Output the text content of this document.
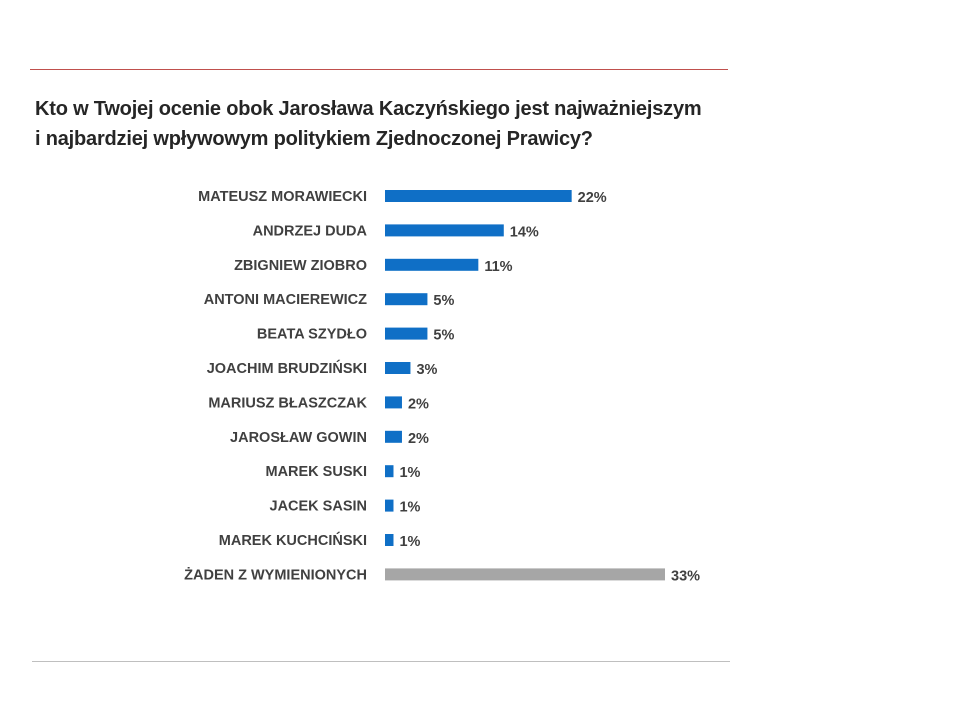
Kto w Twojej ocenie obok Jarosława Kaczyńskiego jest najważniejszym
i najbardziej wpływowym politykiem Zjednoczonej Prawicy?
MATEUSZ MORAWIECKI	22%
ANDRZEJ DUDA	14%
ZBIGNIEW ZIOBRO	11%
ANTONI MACIEREWICZ	5%
BEATA SZYDŁO	5%
JOACHIM BRUDZIŃSKI	3%
MARIUSZ BŁASZCZAK	2%
JAROSŁAW GOWIN	2%
MAREK SUSKI 1%
JACEK SASIN 1%
MAREK KUCHCIŃSKI 1%
ŻADEN Z WYMIENIONYCH	33%
